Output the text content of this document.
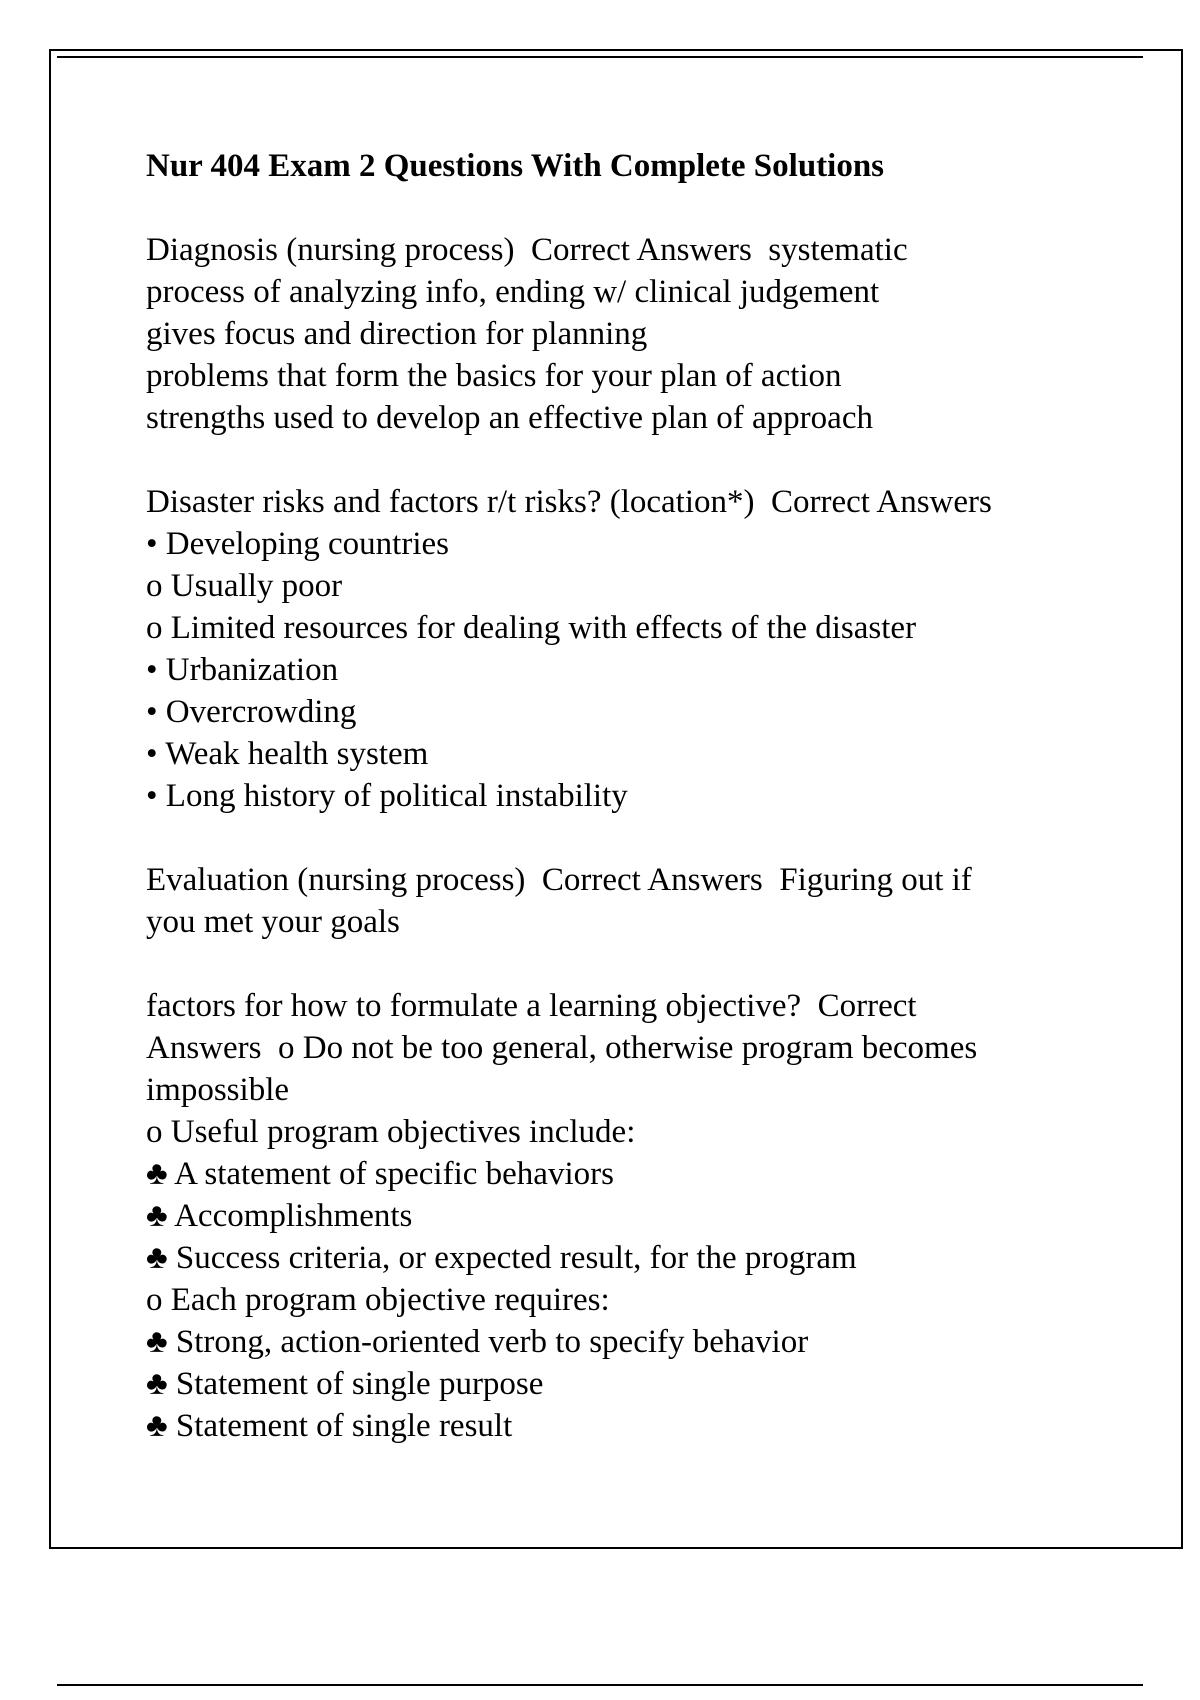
Nur 404 Exam 2 Questions With Complete Solutions
Diagnosis (nursing process)  Correct Answers  systematic
process of analyzing info, ending w/ clinical judgement
gives focus and direction for planning
problems that form the basics for your plan of action
strengths used to develop an effective plan of approach
Disaster risks and factors r/t risks? (location*)  Correct Answers
• Developing countries
o Usually poor
o Limited resources for dealing with effects of the disaster
• Urbanization
• Overcrowding
• Weak health system
• Long history of political instability
Evaluation (nursing process)  Correct Answers  Figuring out if
you met your goals
factors for how to formulate a learning objective?  Correct
Answers  o Do not be too general, otherwise program becomes
impossible
o Useful program objectives include:
♣ A statement of specific behaviors
♣ Accomplishments
♣ Success criteria, or expected result, for the program
o Each program objective requires:
♣ Strong, action-oriented verb to specify behavior
♣ Statement of single purpose
♣ Statement of single result
